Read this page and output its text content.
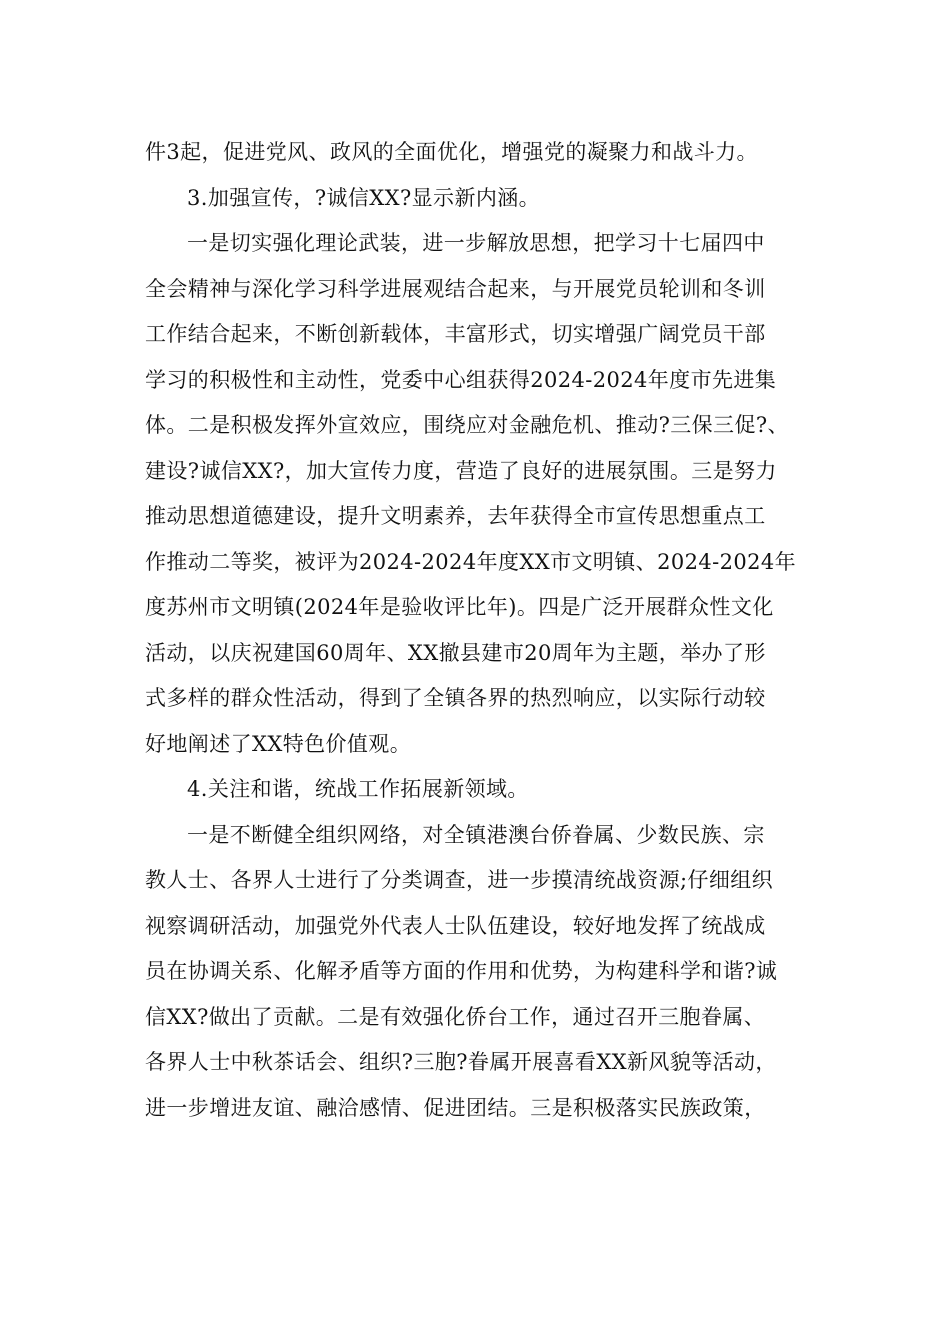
件3起，促进党风、政风的全面优化，增强党的凝聚力和战斗力。
3.加强宣传，?诚信XX?显示新内涵。
一是切实强化理论武装，进一步解放思想，把学习十七届四中
全会精神与深化学习科学进展观结合起来，与开展党员轮训和冬训
工作结合起来，不断创新载体，丰富形式，切实增强广阔党员干部
学习的积极性和主动性，党委中心组获得2024-2024年度市先进集
体。二是积极发挥外宣效应，围绕应对金融危机、推动?三保三促?、
建设?诚信XX?，加大宣传力度，营造了良好的进展氛围。三是努力
推动思想道德建设，提升文明素养，去年获得全市宣传思想重点工
作推动二等奖，被评为2024-2024年度XX市文明镇、2024-2024年
度苏州市文明镇(2024年是验收评比年)。四是广泛开展群众性文化
活动，以庆祝建国60周年、XX撤县建市20周年为主题，举办了形
式多样的群众性活动，得到了全镇各界的热烈响应，以实际行动较
好地阐述了XX特色价值观。
4.关注和谐，统战工作拓展新领域。
一是不断健全组织网络，对全镇港澳台侨眷属、少数民族、宗
教人士、各界人士进行了分类调查，进一步摸清统战资源;仔细组织
视察调研活动，加强党外代表人士队伍建设，较好地发挥了统战成
员在协调关系、化解矛盾等方面的作用和优势，为构建科学和谐?诚
信XX?做出了贡献。二是有效强化侨台工作，通过召开三胞眷属、
各界人士中秋茶话会、组织?三胞?眷属开展喜看XX新风貌等活动，
进一步增进友谊、融洽感情、促进团结。三是积极落实民族政策，
